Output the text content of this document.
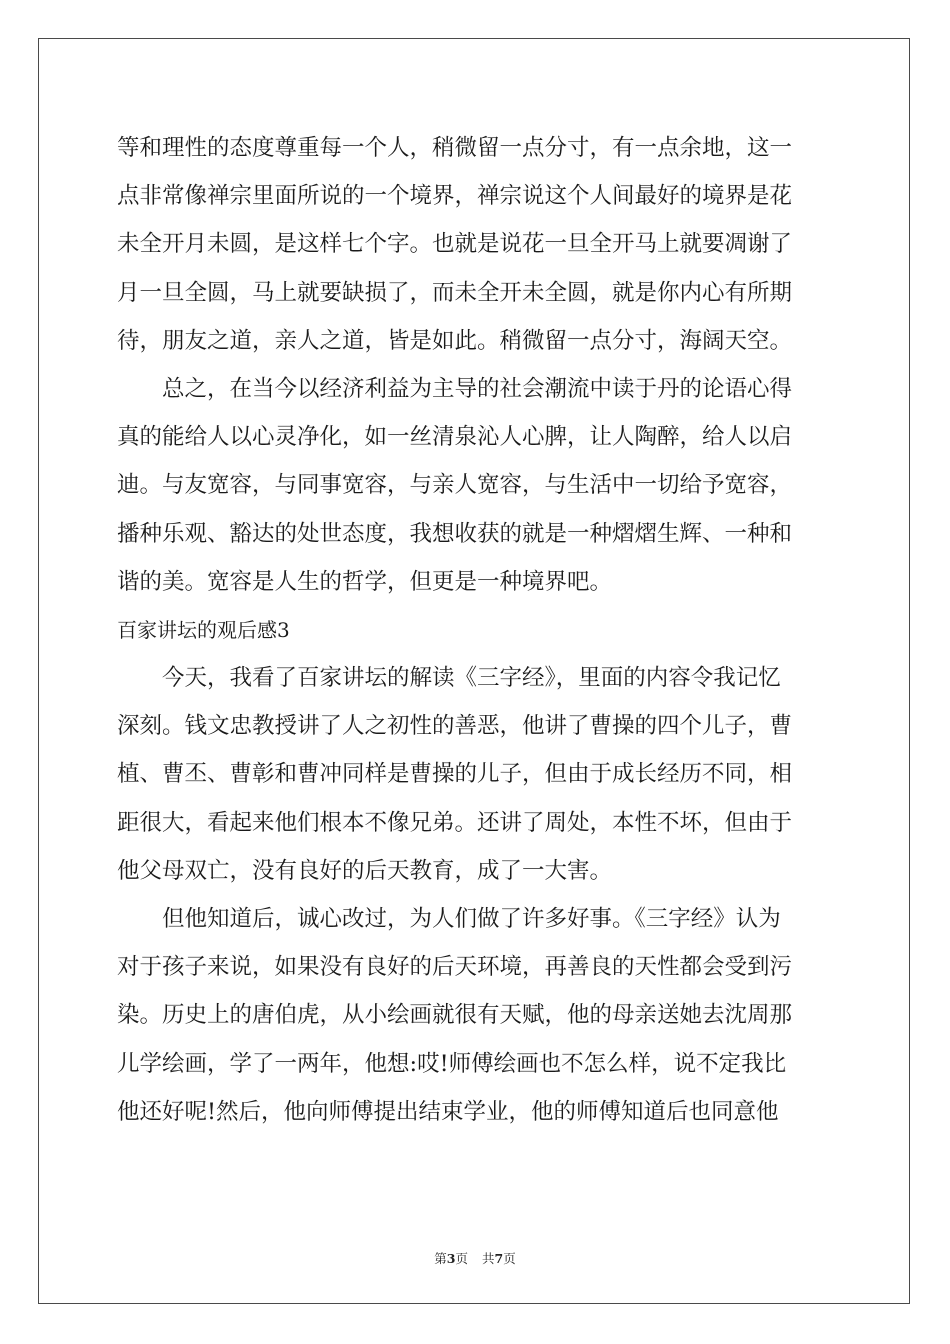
等和理性的态度尊重每一个人，稍微留一点分寸，有一点余地，这一
点非常像禅宗里面所说的一个境界，禅宗说这个人间最好的境界是花
未全开月未圆，是这样七个字。也就是说花一旦全开马上就要凋谢了
月一旦全圆，马上就要缺损了，而未全开未全圆，就是你内心有所期
待，朋友之道，亲人之道，皆是如此。稍微留一点分寸，海阔天空。
总之，在当今以经济利益为主导的社会潮流中读于丹的论语心得
真的能给人以心灵净化，如一丝清泉沁人心脾，让人陶醉，给人以启
迪。与友宽容，与同事宽容，与亲人宽容，与生活中一切给予宽容，
播种乐观、豁达的处世态度，我想收获的就是一种熠熠生辉、一种和
谐的美。宽容是人生的哲学，但更是一种境界吧。
百家讲坛的观后感3
今天，我看了百家讲坛的解读《三字经》，里面的内容令我记忆
深刻。钱文忠教授讲了人之初性的善恶，他讲了曹操的四个儿子，曹
植、曹丕、曹彰和曹冲同样是曹操的儿子，但由于成长经历不同，相
距很大，看起来他们根本不像兄弟。还讲了周处，本性不坏，但由于
他父母双亡，没有良好的后天教育，成了一大害。
但他知道后，诚心改过，为人们做了许多好事。《三字经》认为
对于孩子来说，如果没有良好的后天环境，再善良的天性都会受到污
染。历史上的唐伯虎，从小绘画就很有天赋，他的母亲送她去沈周那
儿学绘画，学了一两年，他想:哎!师傅绘画也不怎么样，说不定我比
他还好呢!然后，他向师傅提出结束学业，他的师傅知道后也同意他
第3页 共7页
